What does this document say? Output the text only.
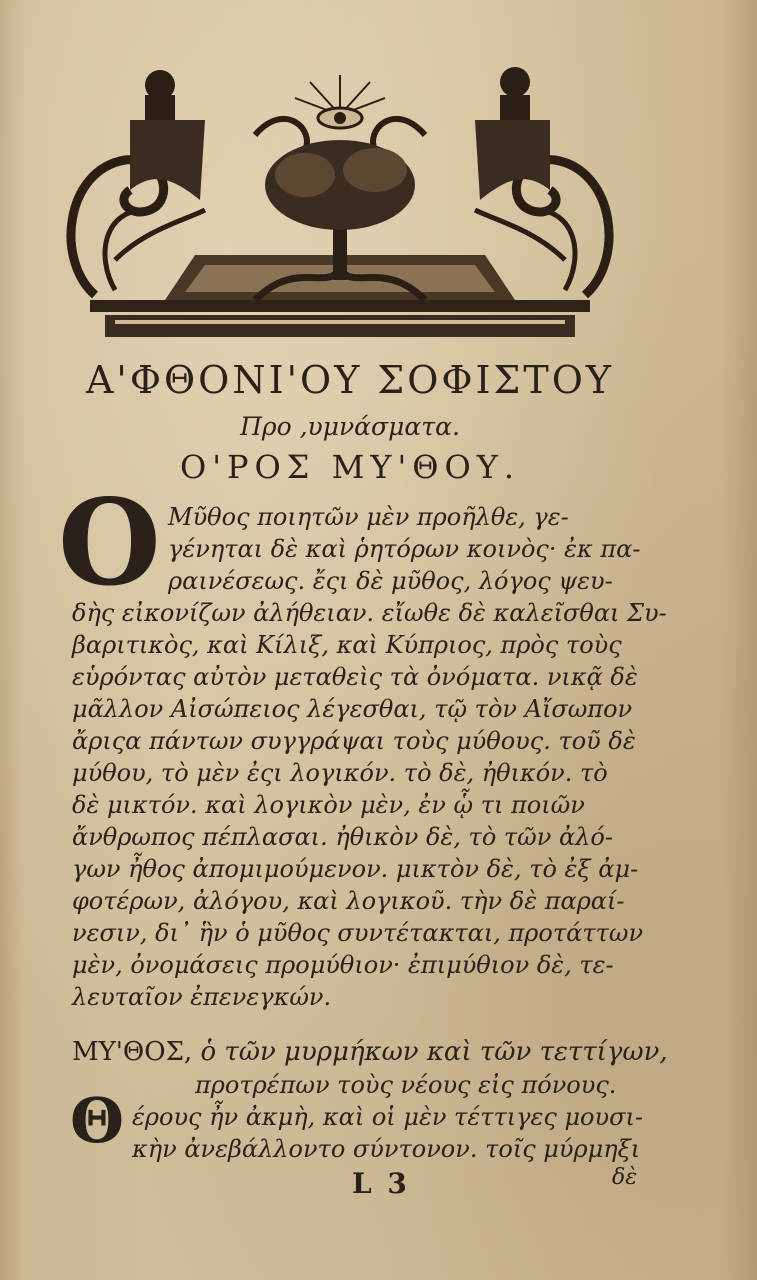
Α'ΦΘΟΝΙ'ΟΥ ΣΟΦΙΣΤΟΥ
Προ ,υμνάσματα.
Ο'ΡΟΣ ΜΥ'ΘΟΥ.
Ο Μῦθος ποιητῶν μὲν προῆλθε, γε-
γένηται δὲ καὶ ῥητόρων κοινὸς· ἐκ πα-
ραινέσεως. ἔςι δὲ μῦθος, λόγος ψευ-
δὴς εἰκονίζων ἀλήθειαν. εἴωθε δὲ καλεῖσθαι Συ-
βαριτικὸς, καὶ Κίλιξ, καὶ Κύπριος, πρὸς τοὺς
εὑρόντας αὐτὸν μεταθεὶς τὰ ὀνόματα. νικᾷ δὲ
μᾶλλον Αἰσώπειος λέγεσθαι, τῷ τὸν Αἴσωπον
ἄριςα πάντων συγγράψαι τοὺς μύθους. τοῦ δὲ
μύθου, τὸ μὲν ἐςι λογικόν. τὸ δὲ, ἠθικόν. τὸ
δὲ μικτόν. καὶ λογικὸν μὲν, ἐν ᾧ τι ποιῶν
ἄνθρωπος πέπλασαι. ἠθικὸν δὲ, τὸ τῶν ἀλό-
γων ἦθος ἀπομιμούμενον. μικτὸν δὲ, τὸ ἐξ ἀμ-
φοτέρων, ἀλόγου, καὶ λογικοῦ. τὴν δὲ παραί-
νεσιν, δι᾽ ἣν ὁ μῦθος συντέτακται, προτάττων
μὲν, ὀνομάσεις προμύθιον· ἐπιμύθιον δὲ, τε-
λευταῖον ἐπενεγκών.
ΜΥ'ΘΟΣ, ὁ τῶν μυρμήκων καὶ τῶν τεττίγων,
προτρέπων τοὺς νέους εἰς πόνους.
Θ έρους ἦν ἀκμὴ, καὶ οἱ μὲν τέττιγες μουσι-
κὴν ἀνεβάλλοντο σύντονον. τοῖς μύρμηξι
L 3	δὲ
